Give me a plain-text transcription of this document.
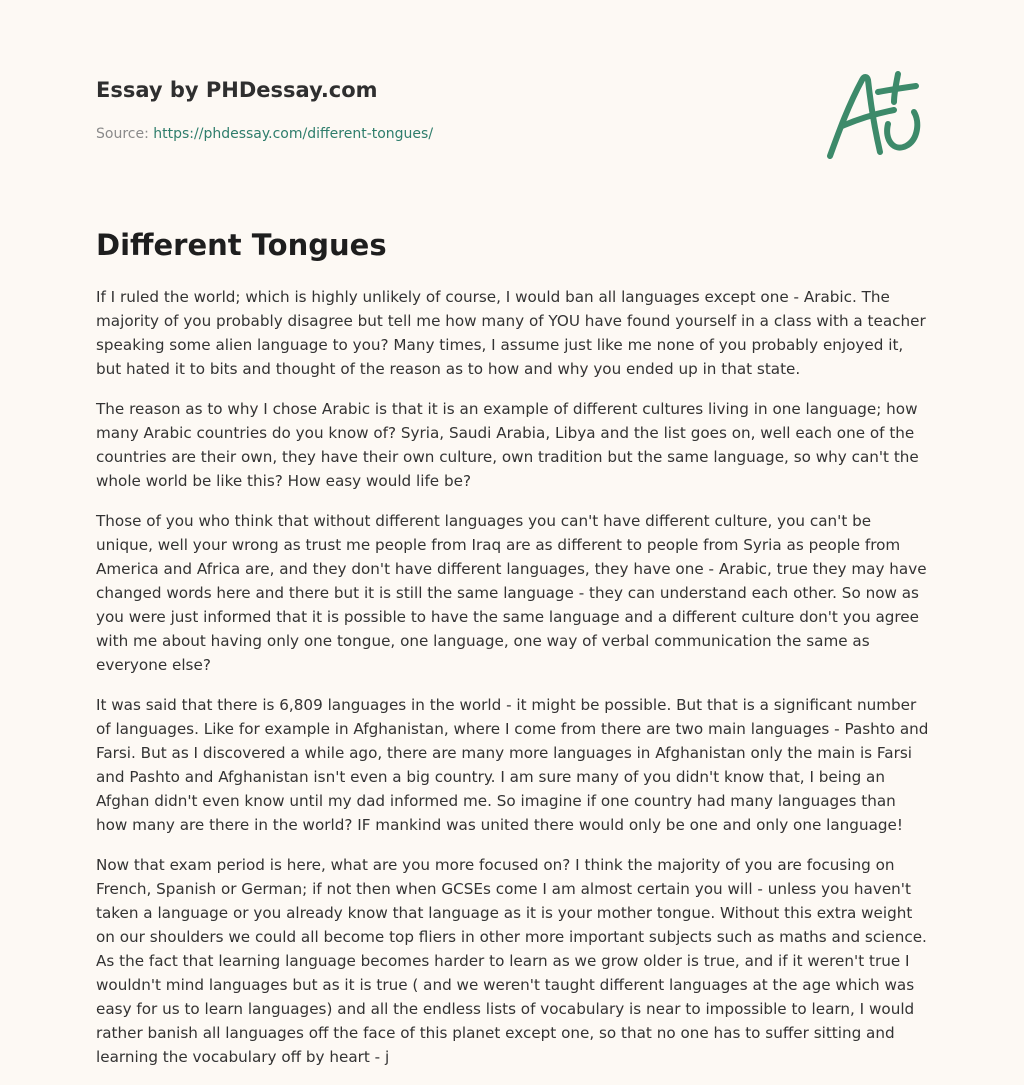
Essay by PHDessay.com
Source: https://phdessay.com/different-tongues/
Different Tongues

If I ruled the world; which is highly unlikely of course, I would ban all languages except one - Arabic. The majority of you probably disagree but tell me how many of YOU have found yourself in a class with a teacher speaking some alien language to you? Many times, I assume just like me none of you probably enjoyed it, but hated it to bits and thought of the reason as to how and why you ended up in that state.

The reason as to why I chose Arabic is that it is an example of different cultures living in one language; how many Arabic countries do you know of? Syria, Saudi Arabia, Libya and the list goes on, well each one of the countries are their own, they have their own culture, own tradition but the same language, so why can't the whole world be like this? How easy would life be?

Those of you who think that without different languages you can't have different culture, you can't be unique, well your wrong as trust me people from Iraq are as different to people from Syria as people from America and Africa are, and they don't have different languages, they have one - Arabic, true they may have changed words here and there but it is still the same language - they can understand each other. So now as you were just informed that it is possible to have the same language and a different culture don't you agree with me about having only one tongue, one language, one way of verbal communication the same as everyone else?

It was said that there is 6,809 languages in the world - it might be possible. But that is a significant number of languages. Like for example in Afghanistan, where I come from there are two main languages - Pashto and Farsi. But as I discovered a while ago, there are many more languages in Afghanistan only the main is Farsi and Pashto and Afghanistan isn't even a big country. I am sure many of you didn't know that, I being an Afghan didn't even know until my dad informed me. So imagine if one country had many languages than how many are there in the world? IF mankind was united there would only be one and only one language!

Now that exam period is here, what are you more focused on? I think the majority of you are focusing on French, Spanish or German; if not then when GCSEs come I am almost certain you will - unless you haven't taken a language or you already know that language as it is your mother tongue. Without this extra weight on our shoulders we could all become top fliers in other more important subjects such as maths and science. As the fact that learning language becomes harder to learn as we grow older is true, and if it weren't true I wouldn't mind languages but as it is true ( and we weren't taught different languages at the age which was easy for us to learn languages) and all the endless lists of vocabulary is near to impossible to learn, I would rather banish all languages off the face of this planet except one, so that no one has to suffer sitting and learning the vocabulary off by heart - j
